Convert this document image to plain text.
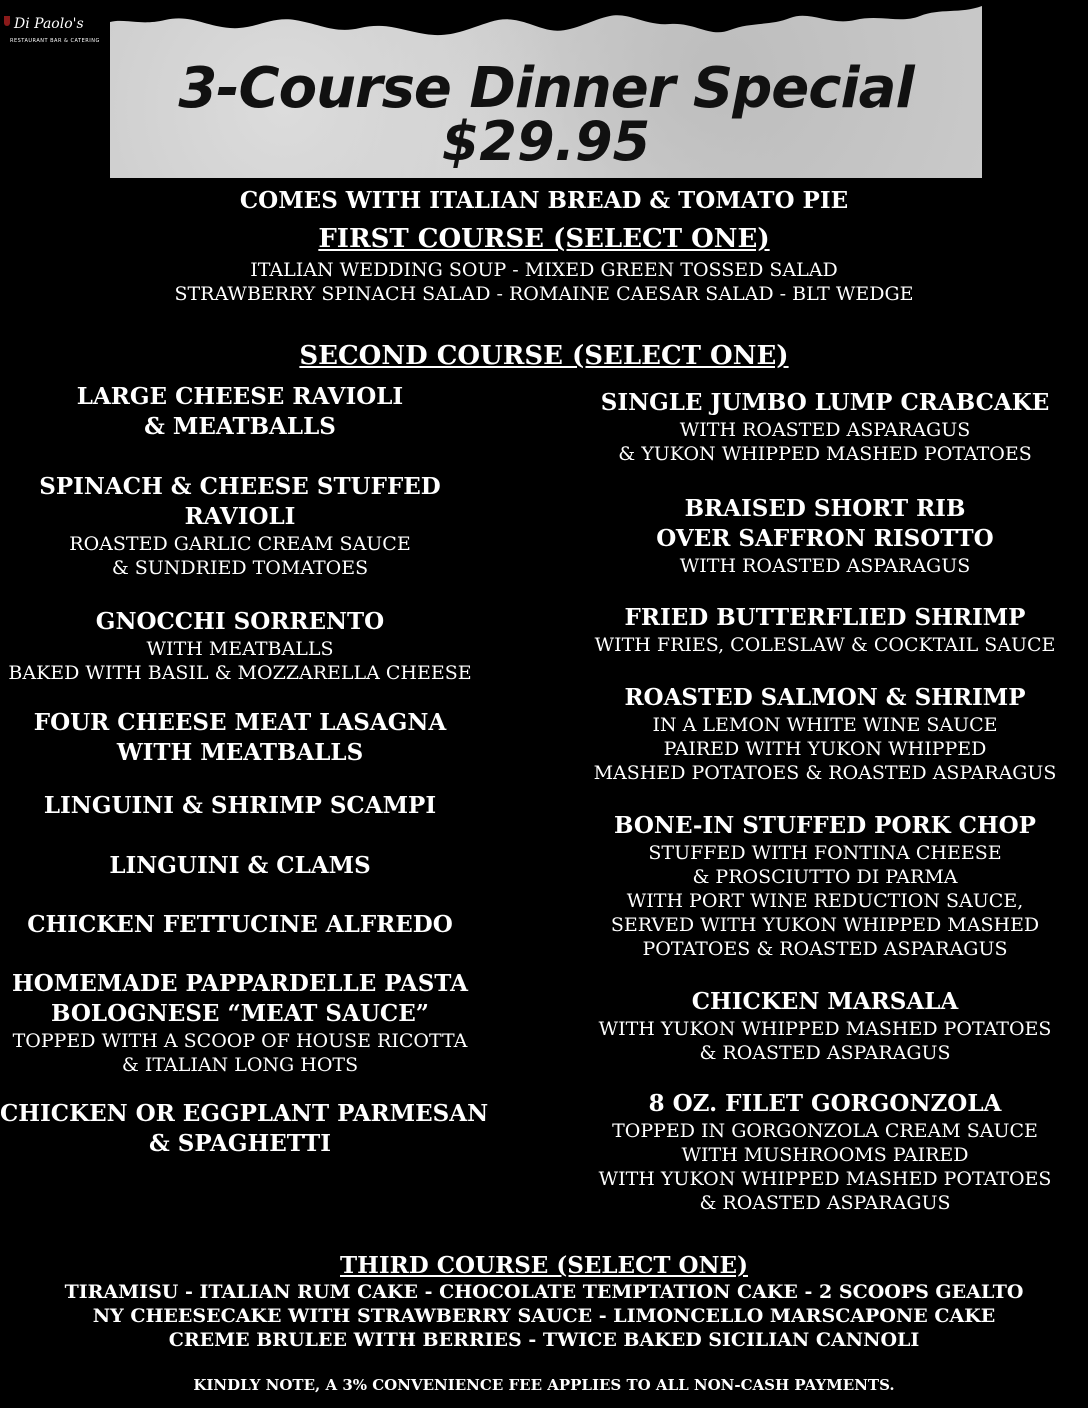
Di Paolo's
RESTAURANT BAR & CATERING
3-Course Dinner Special
$29.95
COMES WITH ITALIAN BREAD & TOMATO PIE
FIRST COURSE (SELECT ONE)
ITALIAN WEDDING SOUP - MIXED GREEN TOSSED SALAD
STRAWBERRY SPINACH SALAD - ROMAINE CAESAR SALAD - BLT WEDGE
SECOND COURSE (SELECT ONE)
LARGE CHEESE RAVIOLI
& MEATBALLS
SPINACH & CHEESE STUFFED
RAVIOLI
ROASTED GARLIC CREAM SAUCE
& SUNDRIED TOMATOES
GNOCCHI SORRENTO
WITH MEATBALLS
BAKED WITH BASIL & MOZZARELLA CHEESE
FOUR CHEESE MEAT LASAGNA
WITH MEATBALLS
LINGUINI & SHRIMP SCAMPI
LINGUINI & CLAMS
CHICKEN FETTUCINE ALFREDO
HOMEMADE PAPPARDELLE PASTA
BOLOGNESE “MEAT SAUCE”
TOPPED WITH A SCOOP OF HOUSE RICOTTA
& ITALIAN LONG HOTS
CHICKEN OR EGGPLANT PARMESAN
& SPAGHETTI
SINGLE JUMBO LUMP CRABCAKE
WITH ROASTED ASPARAGUS
& YUKON WHIPPED MASHED POTATOES
BRAISED SHORT RIB
OVER SAFFRON RISOTTO
WITH ROASTED ASPARAGUS
FRIED BUTTERFLIED SHRIMP
WITH FRIES, COLESLAW & COCKTAIL SAUCE
ROASTED SALMON & SHRIMP
IN A LEMON WHITE WINE SAUCE
PAIRED WITH YUKON WHIPPED
MASHED POTATOES & ROASTED ASPARAGUS
BONE-IN STUFFED PORK CHOP
STUFFED WITH FONTINA CHEESE
& PROSCIUTTO DI PARMA
WITH PORT WINE REDUCTION SAUCE,
SERVED WITH YUKON WHIPPED MASHED
POTATOES & ROASTED ASPARAGUS
CHICKEN MARSALA
WITH YUKON WHIPPED MASHED POTATOES
& ROASTED ASPARAGUS
8 OZ. FILET GORGONZOLA
TOPPED IN GORGONZOLA CREAM SAUCE
WITH MUSHROOMS PAIRED
WITH YUKON WHIPPED MASHED POTATOES
& ROASTED ASPARAGUS
THIRD COURSE (SELECT ONE)
TIRAMISU - ITALIAN RUM CAKE - CHOCOLATE TEMPTATION CAKE - 2 SCOOPS GEALTO
NY CHEESECAKE WITH STRAWBERRY SAUCE - LIMONCELLO MARSCAPONE CAKE
CREME BRULEE WITH BERRIES - TWICE BAKED SICILIAN CANNOLI
KINDLY NOTE, A 3% CONVENIENCE FEE APPLIES TO ALL NON-CASH PAYMENTS.
